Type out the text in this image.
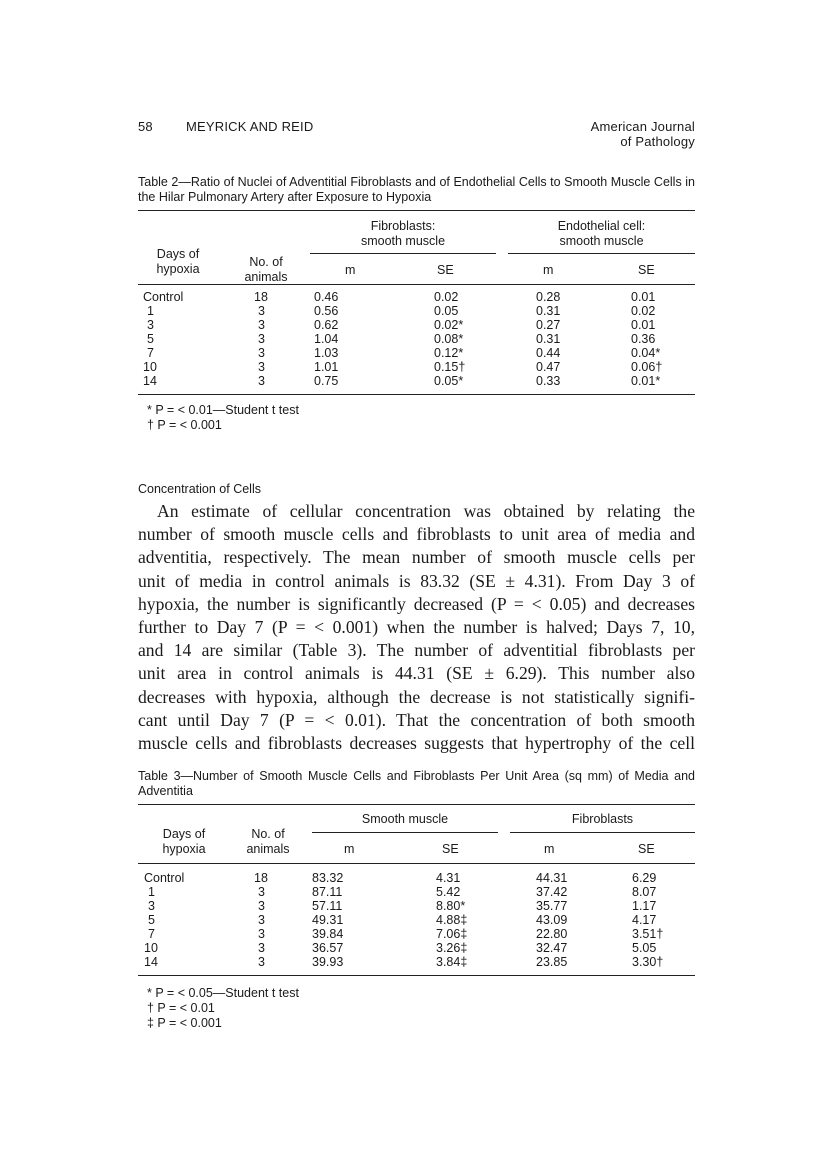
58	MEYRICK AND REID	American Journal
of Pathology
Table 2—Ratio of Nuclei of Adventitial Fibroblasts and of Endothelial Cells to Smooth Muscle Cells in the Hilar Pulmonary Artery after Exposure to Hypoxia
Days of
hypoxia	No. of
animals
Fibroblasts:
smooth muscle
Endothelial cell:
smooth muscle
m	SE	m	SE
Control	18	0.46	0.02	0.28	0.01
1	3	0.56	0.05	0.31	0.02
3	3	0.62	0.02*	0.27	0.01
5	3	1.04	0.08*	0.31	0.36
7	3	1.03	0.12*	0.44	0.04*
10	3	1.01	0.15†	0.47	0.06†
14	3	0.75	0.05*	0.33	0.01*
* P = < 0.01—Student t test
† P = < 0.001
Concentration of Cells
An estimate of cellular concentration was obtained by relating the
number of smooth muscle cells and fibroblasts to unit area of media and
adventitia, respectively. The mean number of smooth muscle cells per
unit of media in control animals is 83.32 (SE ± 4.31). From Day 3 of
hypoxia, the number is significantly decreased (P = < 0.05) and decreases
further to Day 7 (P = < 0.001) when the number is halved; Days 7, 10,
and 14 are similar (Table 3). The number of adventitial fibroblasts per
unit area in control animals is 44.31 (SE ± 6.29). This number also
decreases with hypoxia, although the decrease is not statistically signifi-
cant until Day 7 (P = < 0.01). That the concentration of both smooth
muscle cells and fibroblasts decreases suggests that hypertrophy of the cell
Table 3—Number of Smooth Muscle Cells and Fibroblasts Per Unit Area (sq mm) of Media and Adventitia
Days of
hypoxia
No. of
animals
Smooth muscle	Fibroblasts
m	SE	m	SE
Control	18	83.32	4.31	44.31	6.29
1	3	87.11	5.42	37.42	8.07
3	3	57.11	8.80*	35.77	1.17
5	3	49.31	4.88‡	43.09	4.17
7	3	39.84	7.06‡	22.80	3.51†
10	3	36.57	3.26‡	32.47	5.05
14	3	39.93	3.84‡	23.85	3.30†
* P = < 0.05—Student t test
† P = < 0.01
‡ P = < 0.001
